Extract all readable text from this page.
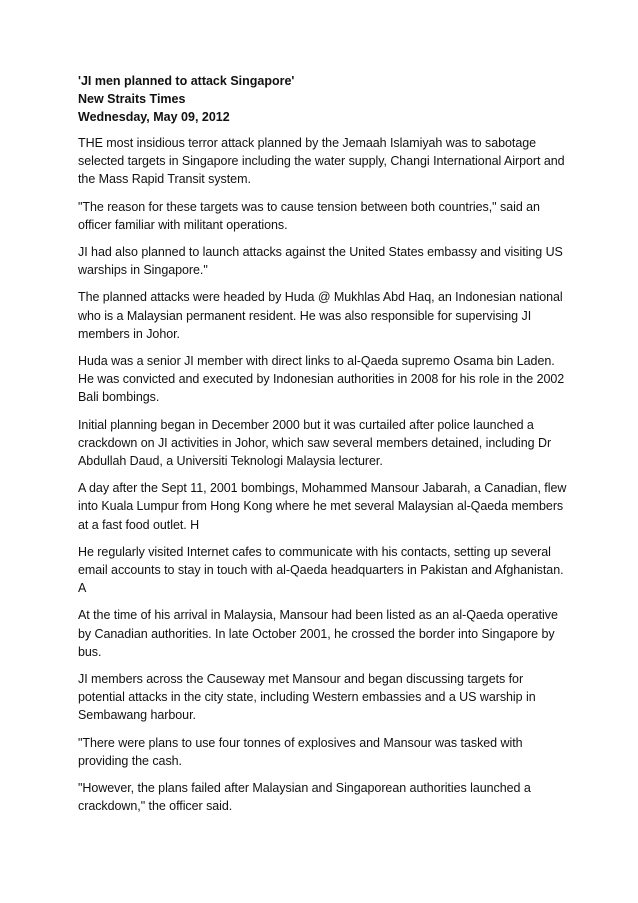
'JI men planned to attack Singapore'

New Straits Times

Wednesday, May 09, 2012

THE most insidious terror attack planned by the Jemaah Islamiyah was to sabotage selected targets in Singapore including the water supply, Changi International Airport and the Mass Rapid Transit system.

"The reason for these targets was to cause tension between both countries," said an officer familiar with militant operations.

JI had also planned to launch attacks against the United States embassy and visiting US warships in Singapore."

The planned attacks were headed by Huda @ Mukhlas Abd Haq, an Indonesian national who is a Malaysian permanent resident. He was also responsible for supervising JI members in Johor.

Huda was a senior JI member with direct links to al-Qaeda supremo Osama bin Laden. He was convicted and executed by Indonesian authorities in 2008 for his role in the 2002 Bali bombings.

Initial planning began in December 2000 but it was curtailed after police launched a crackdown on JI activities in Johor, which saw several members detained, including Dr Abdullah Daud, a Universiti Teknologi Malaysia lecturer.

A day after the Sept 11, 2001 bombings, Mohammed Mansour Jabarah, a Canadian, flew into Kuala Lumpur from Hong Kong where he met several Malaysian al-Qaeda members at a fast food outlet. H

He regularly visited Internet cafes to communicate with his contacts, setting up several email accounts to stay in touch with al-Qaeda headquarters in Pakistan and Afghanistan. A

At the time of his arrival in Malaysia, Mansour had been listed as an al-Qaeda operative by Canadian authorities. In late October 2001, he crossed the border into Singapore by bus.

JI members across the Causeway met Mansour and began discussing targets for potential attacks in the city state, including Western embassies and a US warship in Sembawang harbour.

"There were plans to use four tonnes of explosives and Mansour was tasked with providing the cash.

"However, the plans failed after Malaysian and Singaporean authorities launched a crackdown," the officer said.
